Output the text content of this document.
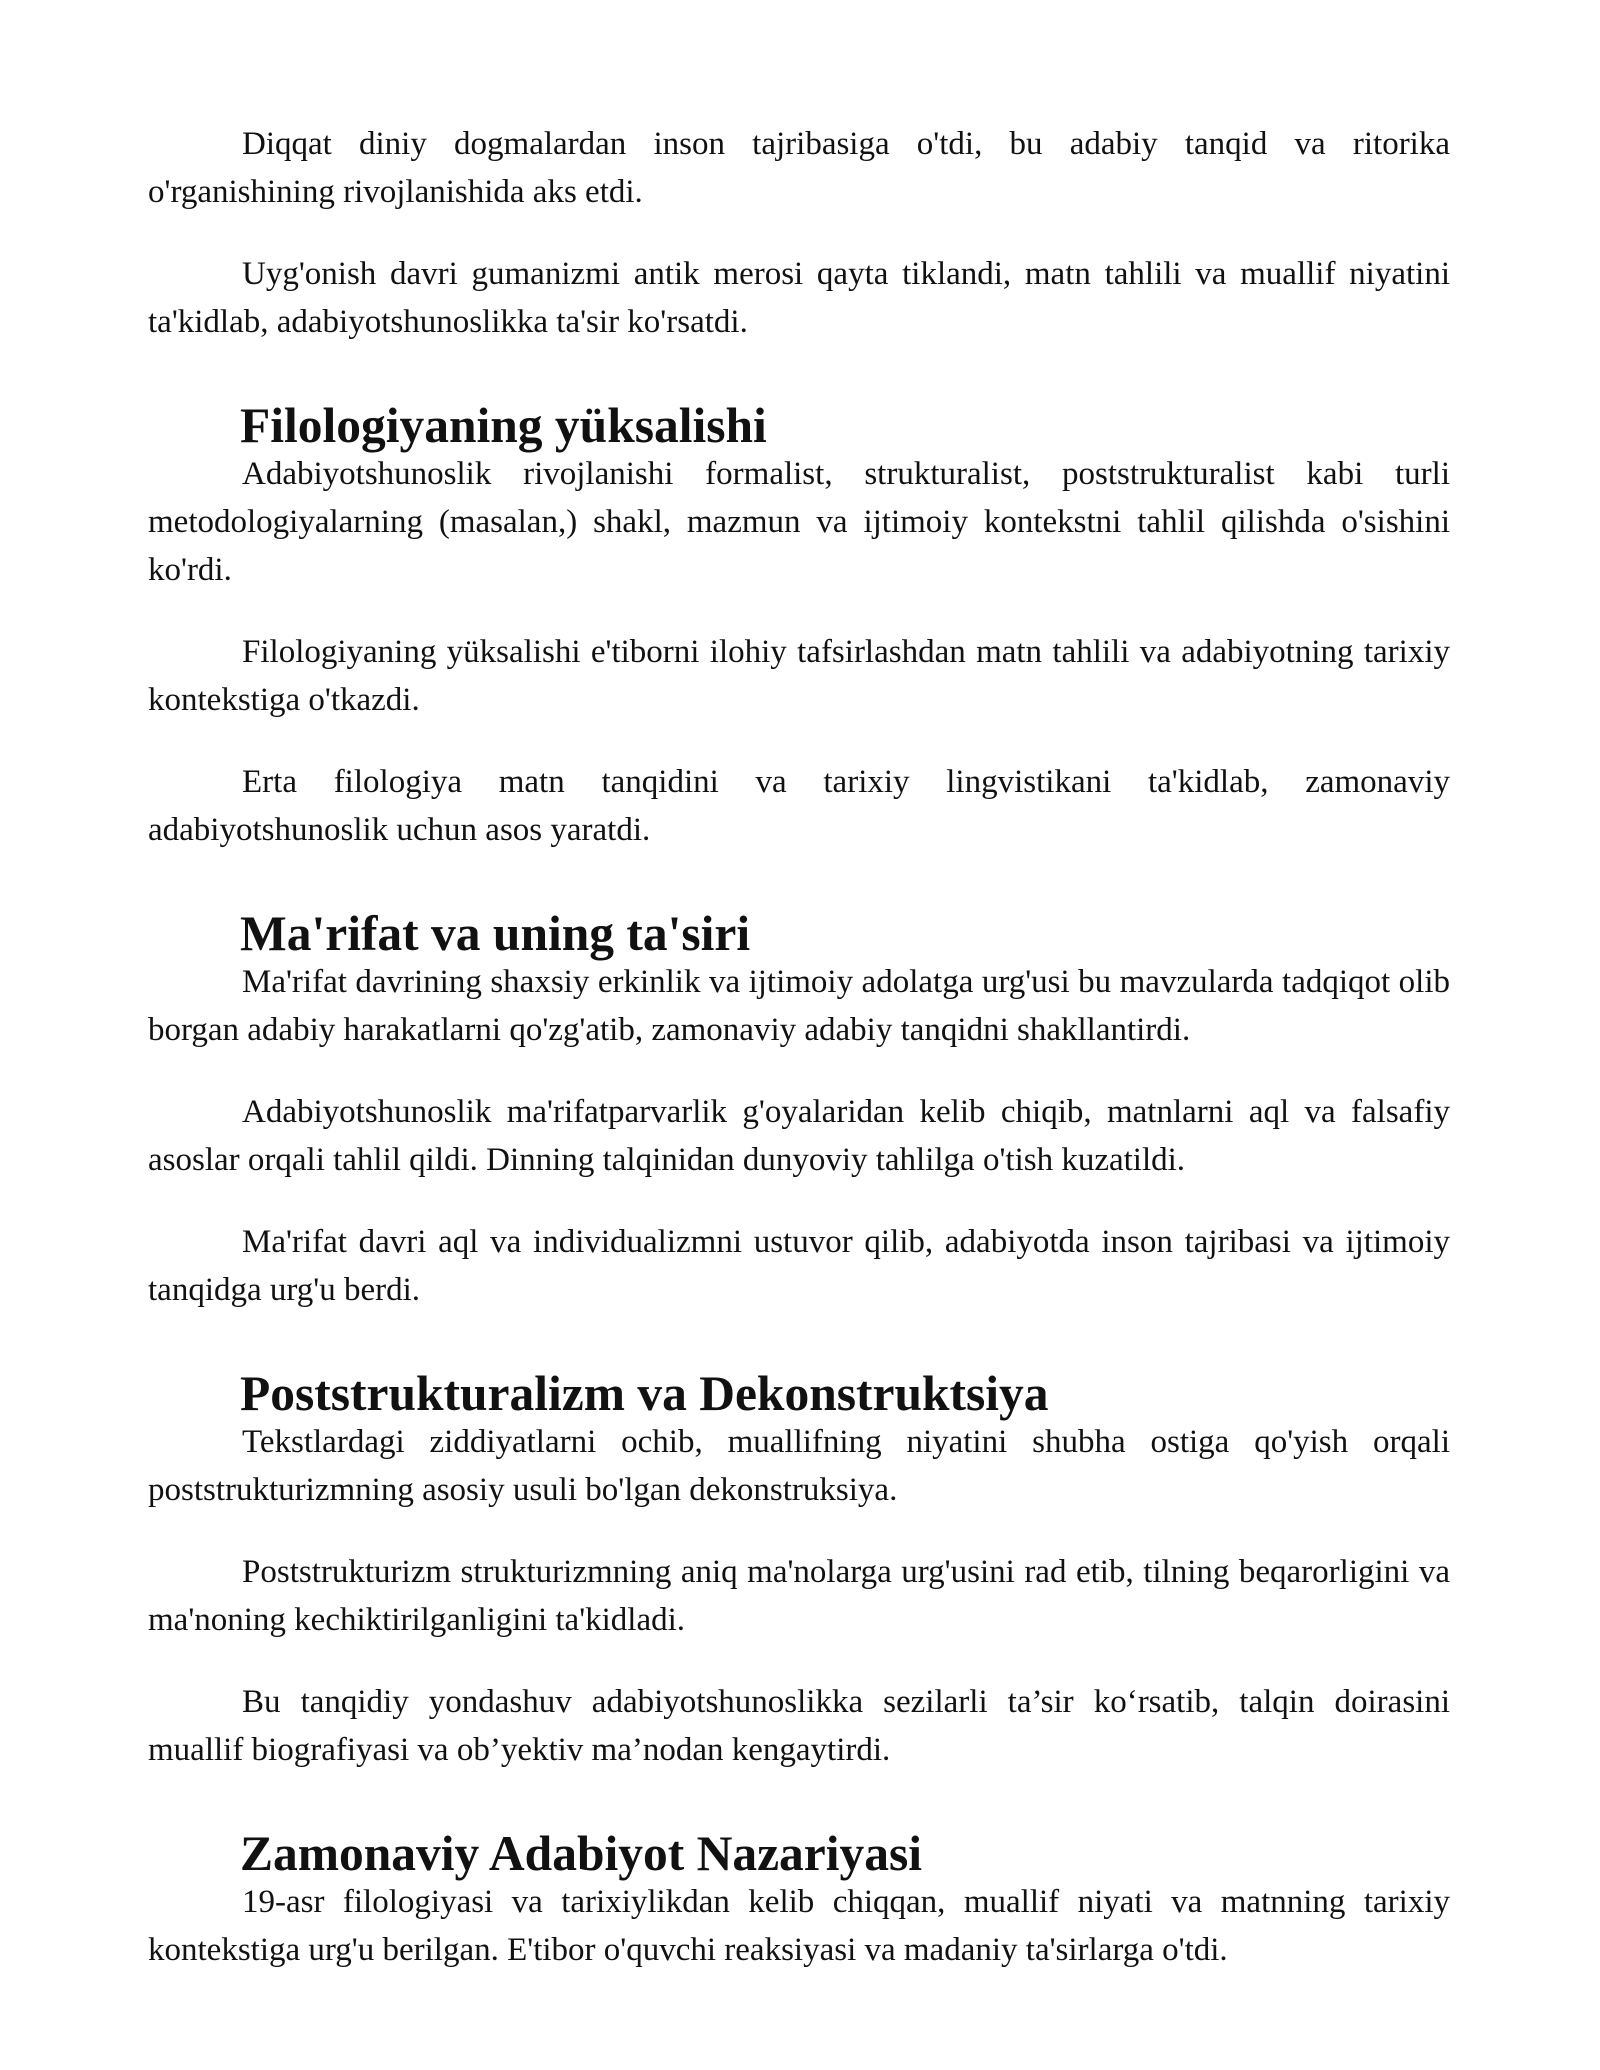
Diqqat diniy dogmalardan inson tajribasiga o'tdi, bu adabiy tanqid va ritorika o'rganishining rivojlanishida aks etdi.

Uyg'onish davri gumanizmi antik merosi qayta tiklandi, matn tahlili va muallif niyatini ta'kidlab, adabiyotshunoslikka ta'sir ko'rsatdi.

Filologiyaning yüksalishi

Adabiyotshunoslik rivojlanishi formalist, strukturalist, poststrukturalist kabi turli metodologiyalarning (masalan,) shakl, mazmun va ijtimoiy kontekstni tahlil qilishda o'sishini ko'rdi.

Filologiyaning yüksalishi e'tiborni ilohiy tafsirlashdan matn tahlili va adabiyotning tarixiy kontekstiga o'tkazdi.

Erta filologiya matn tanqidini va tarixiy lingvistikani ta'kidlab, zamonaviy adabiyotshunoslik uchun asos yaratdi.

Ma'rifat va uning ta'siri

Ma'rifat davrining shaxsiy erkinlik va ijtimoiy adolatga urg'usi bu mavzularda tadqiqot olib borgan adabiy harakatlarni qo'zg'atib, zamonaviy adabiy tanqidni shakllantirdi.

Adabiyotshunoslik ma'rifatparvarlik g'oyalaridan kelib chiqib, matnlarni aql va falsafiy asoslar orqali tahlil qildi. Dinning talqinidan dunyoviy tahlilga o'tish kuzatildi.

Ma'rifat davri aql va individualizmni ustuvor qilib, adabiyotda inson tajribasi va ijtimoiy tanqidga urg'u berdi.

Poststrukturalizm va Dekonstruktsiya

Tekstlardagi ziddiyatlarni ochib, muallifning niyatini shubha ostiga qo'yish orqali poststrukturizmning asosiy usuli bo'lgan dekonstruksiya.

Poststrukturizm strukturizmning aniq ma'nolarga urg'usini rad etib, tilning beqarorligini va ma'noning kechiktirilganligini ta'kidladi.

Bu tanqidiy yondashuv adabiyotshunoslikka sezilarli ta’sir ko‘rsatib, talqin doirasini muallif biografiyasi va ob’yektiv ma’nodan kengaytirdi.

Zamonaviy Adabiyot Nazariyasi

19-asr filologiyasi va tarixiylikdan kelib chiqqan, muallif niyati va matnning tarixiy kontekstiga urg'u berilgan. E'tibor o'quvchi reaksiyasi va madaniy ta'sirlarga o'tdi.
